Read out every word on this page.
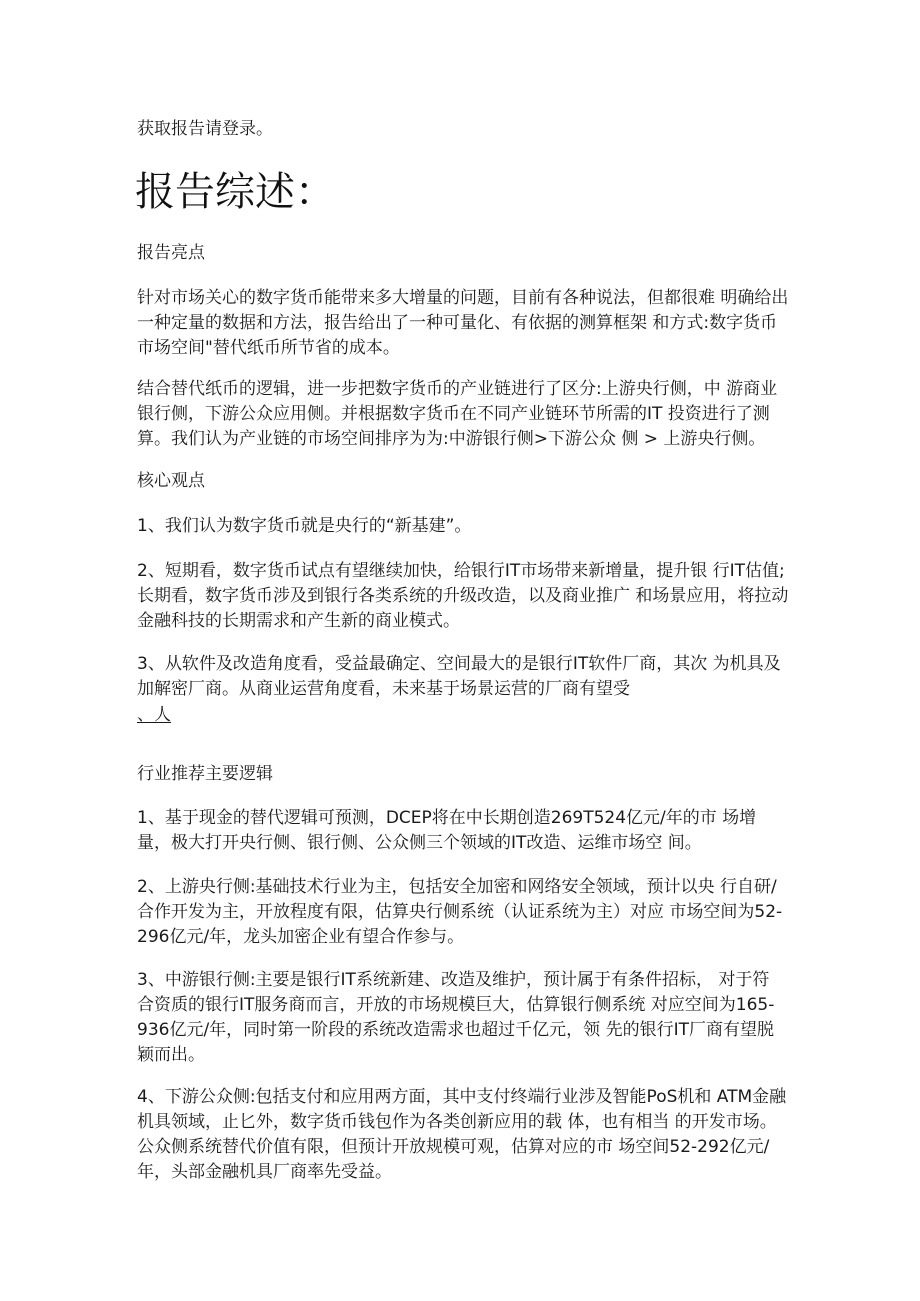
获取报告请登录。
报告综述：
报告亮点
针对市场关心的数字货币能带来多大增量的问题，目前有各种说法，但都很难 明确给出
一种定量的数据和方法，报告给出了一种可量化、有依据的测算框架 和方式:数字货币
市场空间"替代纸币所节省的成本。
结合替代纸币的逻辑，进一步把数字货币的产业链进行了区分:上游央行侧，中 游商业
银行侧，下游公众应用侧。并根据数字货币在不同产业链环节所需的IT 投资进行了测
算。我们认为产业链的市场空间排序为为:中游银行侧>下游公众 侧 > 上游央行侧。
核心观点
1、我们认为数字货币就是央行的“新基建”。
2、短期看，数字货币试点有望继续加快，给银行IT市场带来新增量，提升银 行IT估值;
长期看，数字货币涉及到银行各类系统的升级改造，以及商业推广 和场景应用，将拉动
金融科技的长期需求和产生新的商业模式。
3、从软件及改造角度看，受益最确定、空间最大的是银行IT软件厂商，其次 为机具及
加解密厂商。从商业运营角度看，未来基于场景运营的厂商有望受
、人
行业推荐主要逻辑
1、基于现金的替代逻辑可预测，DCEP将在中长期创造269T524亿元/年的市 场增
量，极大打开央行侧、银行侧、公众侧三个领域的IT改造、运维市场空 间。
2、上游央行侧:基础技术行业为主，包括安全加密和网络安全领域，预计以央 行自研/
合作开发为主，开放程度有限，估算央行侧系统（认证系统为主）对应 市场空间为52-
296亿元/年，龙头加密企业有望合作参与。
3、中游银行侧:主要是银行IT系统新建、改造及维护，预计属于有条件招标， 对于符
合资质的银行IT服务商而言，开放的市场规模巨大，估算银行侧系统 对应空间为165-
936亿元/年，同时第一阶段的系统改造需求也超过千亿元，领 先的银行IT厂商有望脱
颖而出。
4、下游公众侧:包括支付和应用两方面，其中支付终端行业涉及智能PoS机和 ATM金融
机具领域，止匕外，数字货币钱包作为各类创新应用的载 体，也有相当 的开发市场。
公众侧系统替代价值有限，但预计开放规模可观，估算对应的市 场空间52-292亿元/
年，头部金融机具厂商率先受益。
